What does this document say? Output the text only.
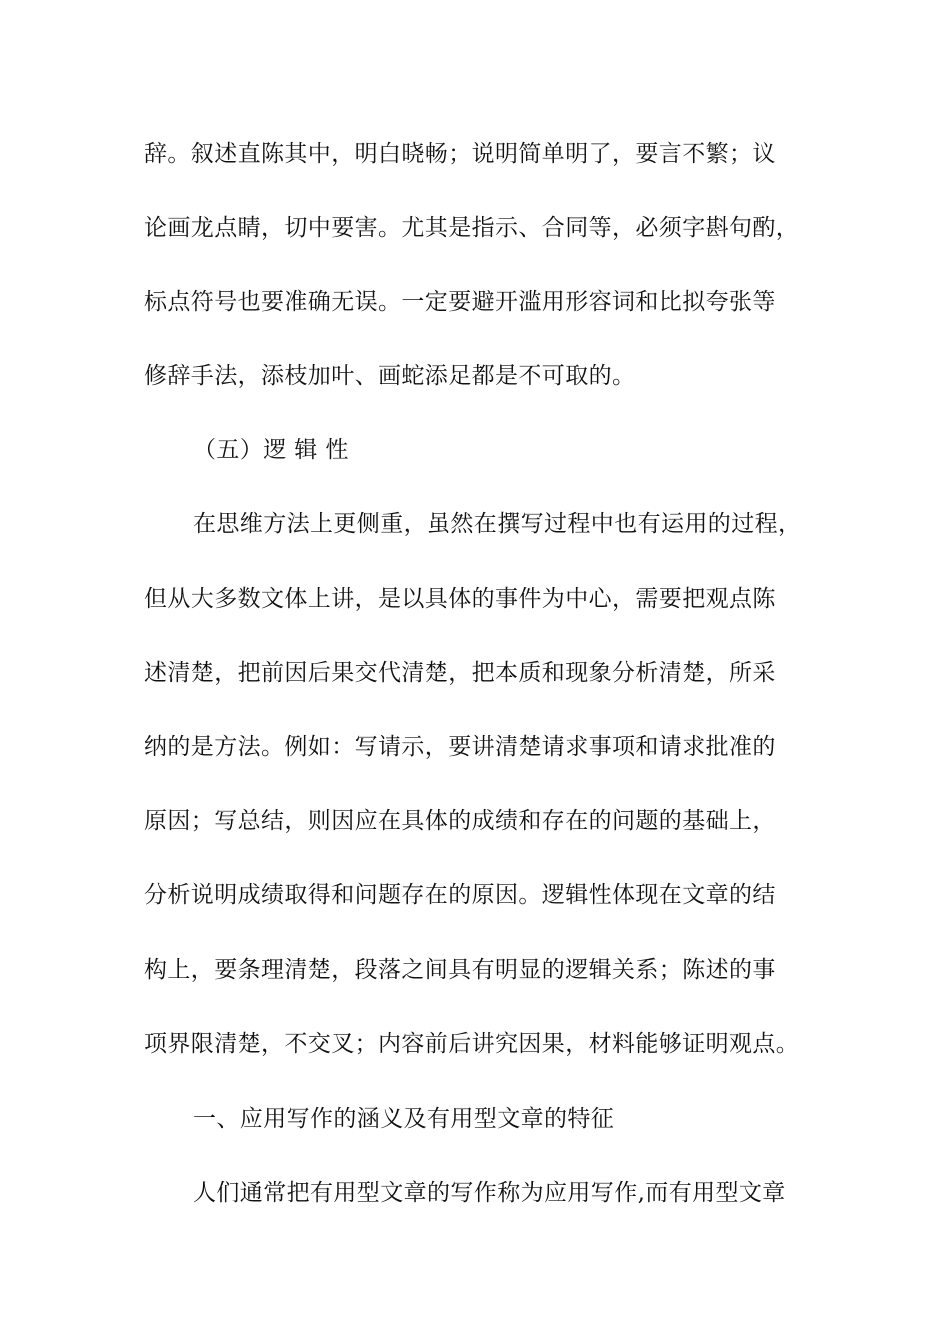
辞。叙述直陈其中，明白晓畅；说明简单明了，要言不繁；议
论画龙点睛，切中要害。尤其是指示、合同等，必须字斟句酌，
标点符号也要准确无误。一定要避开滥用形容词和比拟夸张等
修辞手法，添枝加叶、画蛇添足都是不可取的。
（五）逻 辑 性
在思维方法上更侧重，虽然在撰写过程中也有运用的过程，
但从大多数文体上讲，是以具体的事件为中心，需要把观点陈
述清楚，把前因后果交代清楚，把本质和现象分析清楚，所采
纳的是方法。例如：写请示，要讲清楚请求事项和请求批准的
原因；写总结，则因应在具体的成绩和存在的问题的基础上，
分析说明成绩取得和问题存在的原因。逻辑性体现在文章的结
构上，要条理清楚，段落之间具有明显的逻辑关系；陈述的事
项界限清楚，不交叉；内容前后讲究因果，材料能够证明观点。
一、应用写作的涵义及有用型文章的特征
人们通常把有用型文章的写作称为应用写作,而有用型文章
